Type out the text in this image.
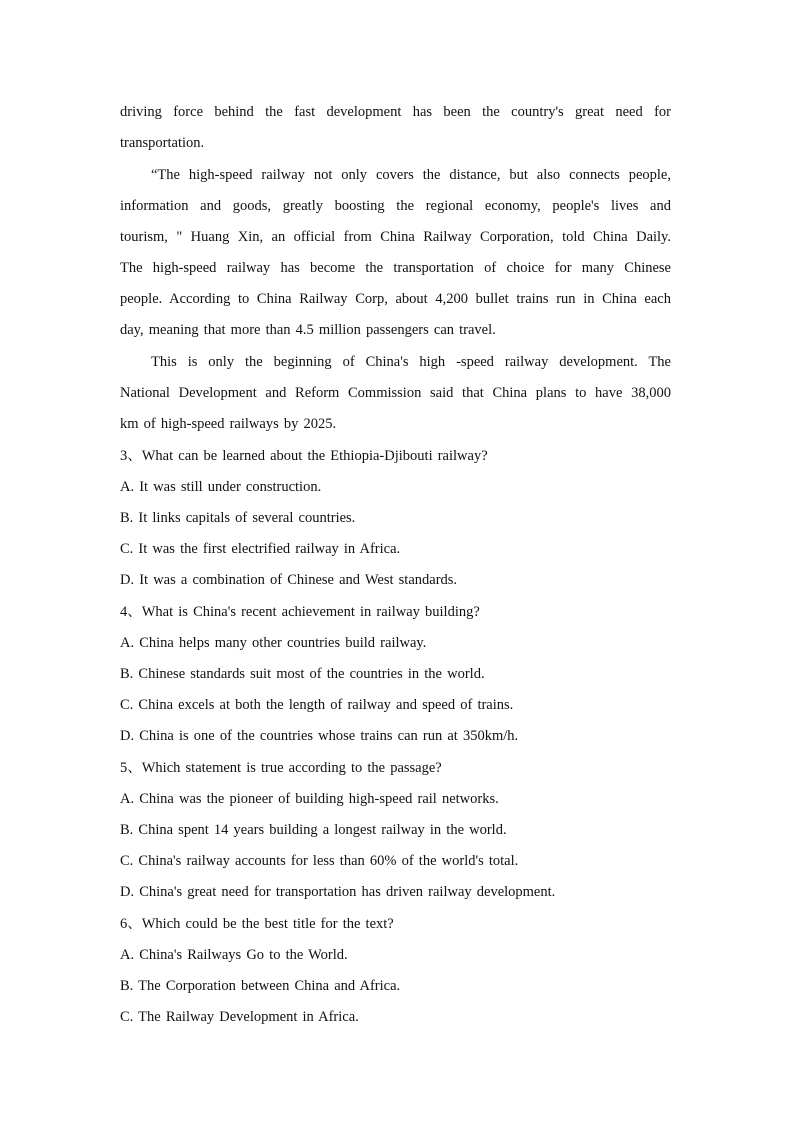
driving force behind the fast development has been the country's great need for
transportation.
“The high-speed railway not only covers the distance, but also connects people,
information and goods, greatly boosting the regional economy, people's lives and
tourism, " Huang Xin, an official from China Railway Corporation, told China Daily.
The high-speed railway has become the transportation of choice for many Chinese
people. According to China Railway Corp, about 4,200 bullet trains run in China each
day, meaning that more than 4.5 million passengers can travel.
This is only the beginning of China's high -speed railway development. The
National Development and Reform Commission said that China plans to have 38,000
km of high-speed railways by 2025.
3、What can be learned about the Ethiopia-Djibouti railway?
A. It was still under construction.
B. It links capitals of several countries.
C. It was the first electrified railway in Africa.
D. It was a combination of Chinese and West standards.
4、What is China's recent achievement in railway building?
A. China helps many other countries build railway.
B. Chinese standards suit most of the countries in the world.
C. China excels at both the length of railway and speed of trains.
D. China is one of the countries whose trains can run at 350km/h.
5、Which statement is true according to the passage?
A. China was the pioneer of building high-speed rail networks.
B. China spent 14 years building a longest railway in the world.
C. China's railway accounts for less than 60% of the world's total.
D. China's great need for transportation has driven railway development.
6、Which could be the best title for the text?
A. China's Railways Go to the World.
B. The Corporation between China and Africa.
C. The Railway Development in Africa.
